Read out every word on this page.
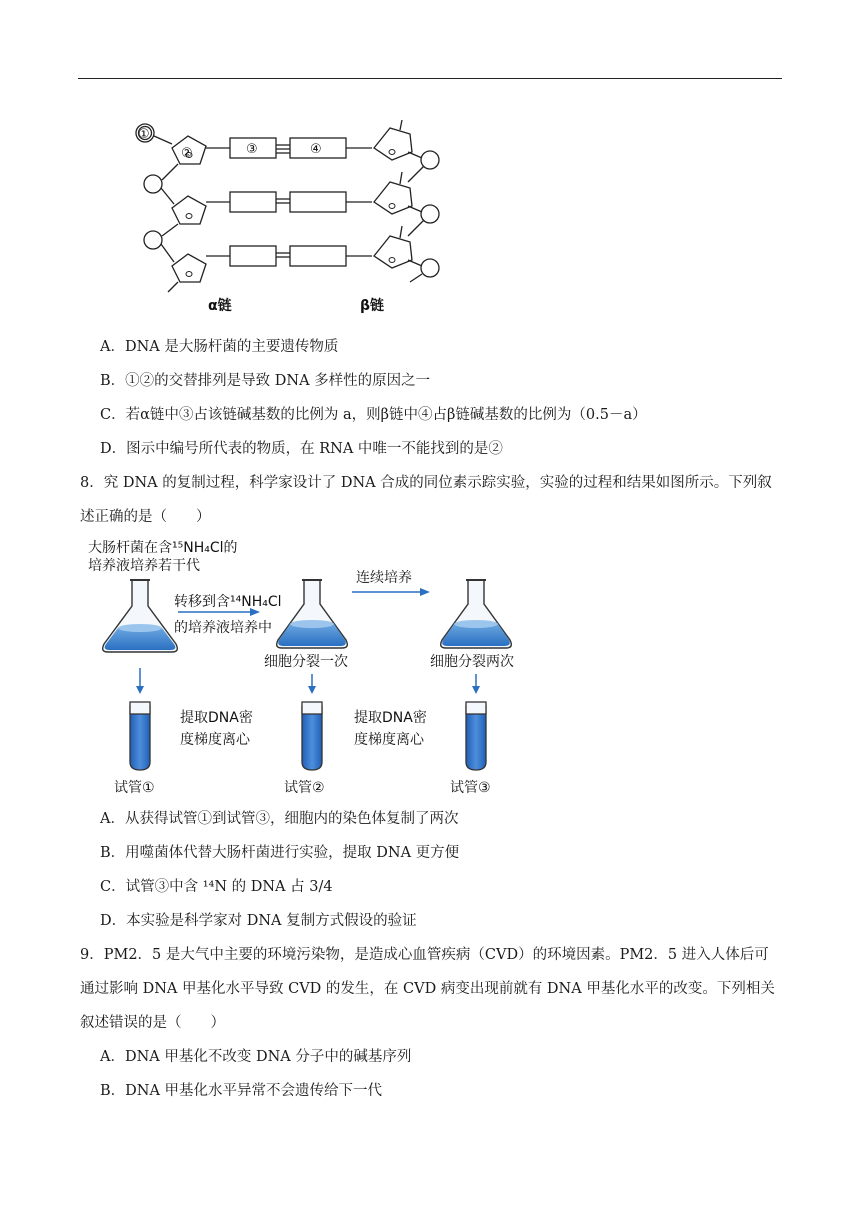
①
②	③	④
α链	β链
A．DNA 是大肠杆菌的主要遗传物质
B．①②的交替排列是导致 DNA 多样性的原因之一
C．若α链中③占该链碱基数的比例为 a，则β链中④占β链碱基数的比例为（0.5－a）
D．图示中编号所代表的物质，在 RNA 中唯一不能找到的是②
8．究 DNA 的复制过程，科学家设计了 DNA 合成的同位素示踪实验，实验的过程和结果如图所示。下列叙
述正确的是（　　）
大肠杆菌在含¹⁵NH₄Cl的
培养液培养若干代
转移到含¹⁴NH₄Cl
的培养液培养中
连续培养
细胞分裂一次	细胞分裂两次
提取DNA密
度梯度离心
提取DNA密
度梯度离心
试管①	试管②	试管③
A．从获得试管①到试管③，细胞内的染色体复制了两次
B．用噬菌体代替大肠杆菌进行实验，提取 DNA 更方便
C．试管③中含 ¹⁴N 的 DNA 占 3/4
D．本实验是科学家对 DNA 复制方式假设的验证
9．PM2．5 是大气中主要的环境污染物，是造成心血管疾病（CVD）的环境因素。PM2．5 进入人体后可
通过影响 DNA 甲基化水平导致 CVD 的发生，在 CVD 病变出现前就有 DNA 甲基化水平的改变。下列相关
叙述错误的是（　　）
A．DNA 甲基化不改变 DNA 分子中的碱基序列
B．DNA 甲基化水平异常不会遗传给下一代
